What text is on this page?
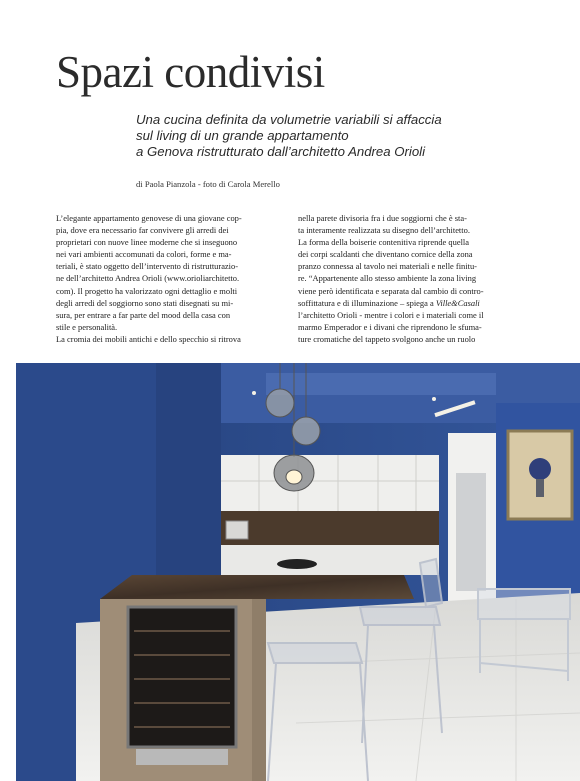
Spazi condivisi
Una cucina definita da volumetrie variabili si affaccia
sul living di un grande appartamento
a Genova ristrutturato dall’architetto Andrea Orioli
di Paola Pianzola - foto di Carola Merello
L’elegante appartamento genovese di una giovane cop-
pia, dove era necessario far convivere gli arredi dei
proprietari con nuove linee moderne che si inseguono
nei vari ambienti accomunati da colori, forme e ma-
teriali, è stato oggetto dell’intervento di ristrutturazio-
ne dell’architetto Andrea Orioli (www.orioliarchitetto.
com). Il progetto ha valorizzato ogni dettaglio e molti
degli arredi del soggiorno sono stati disegnati su mi-
sura, per entrare a far parte del mood della casa con
stile e personalità.
La cromia dei mobili antichi e dello specchio si ritrova
nella parete divisoria fra i due soggiorni che è sta-
ta interamente realizzata su disegno dell’architetto.
La forma della boiserie contenitiva riprende quella
dei corpi scaldanti che diventano cornice della zona
pranzo connessa al tavolo nei materiali e nelle finitu-
re. “Appartenente allo stesso ambiente la zona living
viene però identificata e separata dal cambio di contro-
soffittatura e di illuminazione – spiega a Ville&Casali
l’architetto Orioli - mentre i colori e i materiali come il
marmo Emperador e i divani che riprendono le sfuma-
ture cromatiche del tappeto svolgono anche un ruolo
